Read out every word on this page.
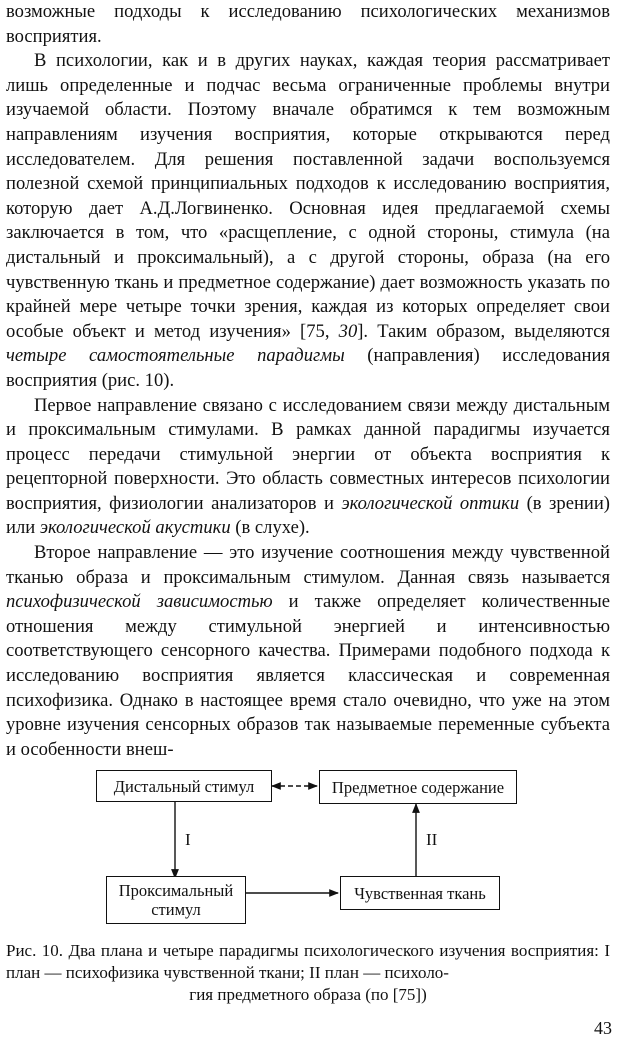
возможные подходы к исследованию психологических механизмов восприятия.

В психологии, как и в других науках, каждая теория рассматривает лишь определенные и подчас весьма ограниченные проблемы внутри изучаемой области. Поэтому вначале обратимся к тем возможным направлениям изучения восприятия, которые открываются перед исследователем. Для решения поставленной задачи воспользуемся полезной схемой принципиальных подходов к исследованию восприятия, которую дает А.Д.Логвиненко. Основная идея предлагаемой схемы заключается в том, что «расщепление, с одной стороны, стимула (на дистальный и проксимальный), а с другой стороны, образа (на его чувственную ткань и предметное содержание) дает возможность указать по крайней мере четыре точки зрения, каждая из которых определяет свои особые объект и метод изучения» [75, 30]. Таким образом, выделяются четыре самостоятельные парадигмы (направления) исследования восприятия (рис. 10).

Первое направление связано с исследованием связи между дистальным и проксимальным стимулами. В рамках данной парадигмы изучается процесс передачи стимульной энергии от объекта восприятия к рецепторной поверхности. Это область совместных интересов психологии восприятия, физиологии анализаторов и экологической оптики (в зрении) или экологической акустики (в слухе).

Второе направление — это изучение соотношения между чувственной тканью образа и проксимальным стимулом. Данная связь называется психофизической зависимостью и также определяет количественные отношения между стимульной энергией и интенсивностью соответствующего сенсорного качества. Примерами подобного подхода к исследованию восприятия является классическая и современная психофизика. Однако в настоящее время стало очевидно, что уже на этом уровне изучения сенсорных образов так называемые переменные субъекта и особенности внеш-

Дистальный стимул	Предметное содержание
I	II
Проксимальный стимул
Чувственная ткань
Рис. 10. Два плана и четыре парадигмы психологического изучения восприятия: I план — психофизика чувственной ткани; II план — психоло-
гия предметного образа (по [75])
43
